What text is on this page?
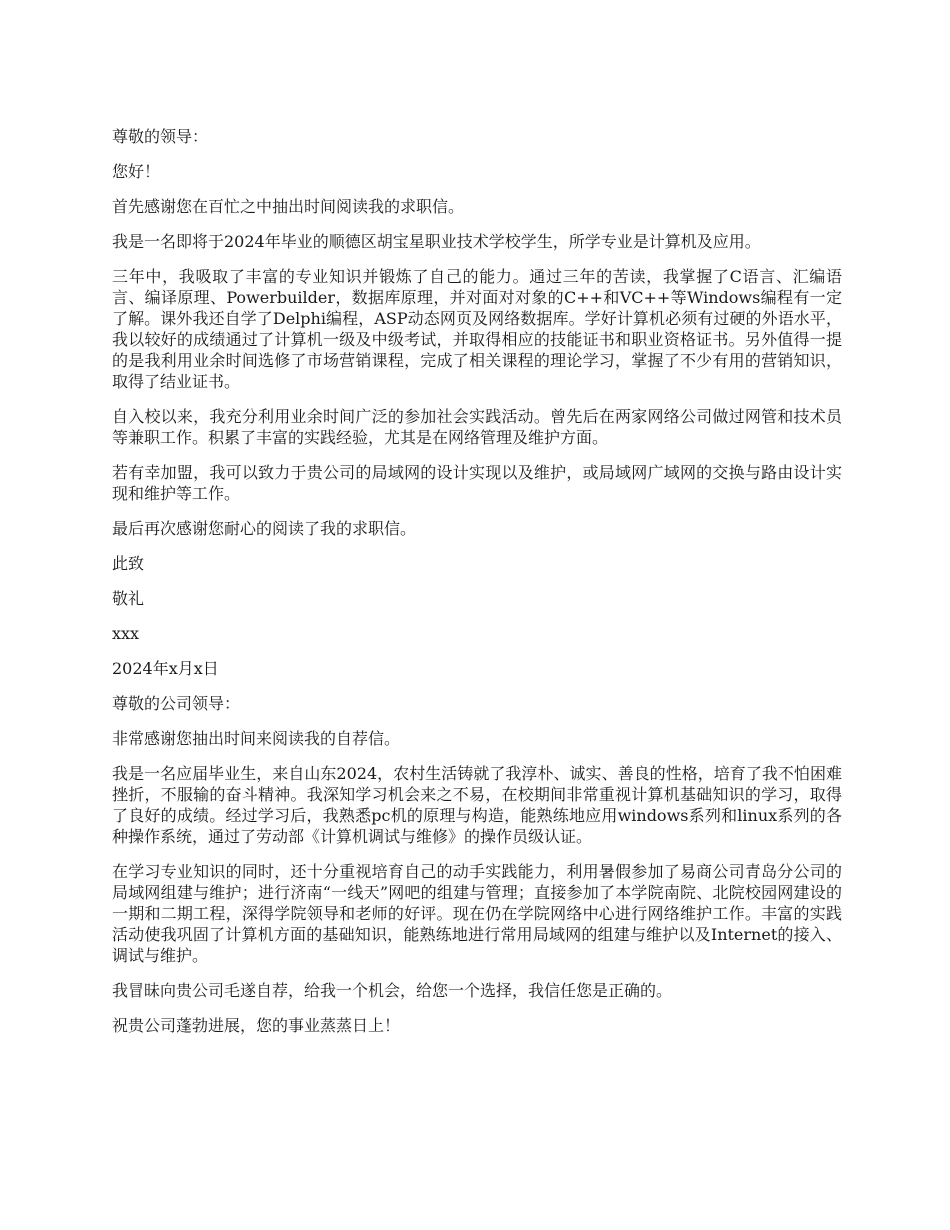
尊敬的领导：

您好！

首先感谢您在百忙之中抽出时间阅读我的求职信。

我是一名即将于2024年毕业的顺德区胡宝星职业技术学校学生，所学专业是计算机及应用。

三年中，我吸取了丰富的专业知识并锻炼了自己的能力。通过三年的苦读，我掌握了C语言、汇编语言、编译原理、Powerbuilder，数据库原理，并对面对对象的C++和VC++等Windows编程有一定了解。课外我还自学了Delphi编程，ASP动态网页及网络数据库。学好计算机必须有过硬的外语水平，我以较好的成绩通过了计算机一级及中级考试，并取得相应的技能证书和职业资格证书。另外值得一提的是我利用业余时间选修了市场营销课程，完成了相关课程的理论学习，掌握了不少有用的营销知识，取得了结业证书。

自入校以来，我充分利用业余时间广泛的参加社会实践活动。曾先后在两家网络公司做过网管和技术员等兼职工作。积累了丰富的实践经验，尤其是在网络管理及维护方面。

若有幸加盟，我可以致力于贵公司的局域网的设计实现以及维护，或局域网广域网的交换与路由设计实现和维护等工作。

最后再次感谢您耐心的阅读了我的求职信。

此致

敬礼

xxx

2024年x月x日

尊敬的公司领导：

非常感谢您抽出时间来阅读我的自荐信。

我是一名应届毕业生，来自山东2024，农村生活铸就了我淳朴、诚实、善良的性格，培育了我不怕困难挫折，不服输的奋斗精神。我深知学习机会来之不易，在校期间非常重视计算机基础知识的学习，取得了良好的成绩。经过学习后，我熟悉pc机的原理与构造，能熟练地应用windows系列和linux系列的各种操作系统，通过了劳动部《计算机调试与维修》的操作员级认证。

在学习专业知识的同时，还十分重视培育自己的动手实践能力，利用暑假参加了易商公司青岛分公司的局域网组建与维护；进行济南“一线天”网吧的组建与管理；直接参加了本学院南院、北院校园网建设的一期和二期工程，深得学院领导和老师的好评。现在仍在学院网络中心进行网络维护工作。丰富的实践活动使我巩固了计算机方面的基础知识，能熟练地进行常用局域网的组建与维护以及Internet的接入、调试与维护。

我冒昧向贵公司毛遂自荐，给我一个机会，给您一个选择，我信任您是正确的。

祝贵公司蓬勃进展，您的事业蒸蒸日上！
